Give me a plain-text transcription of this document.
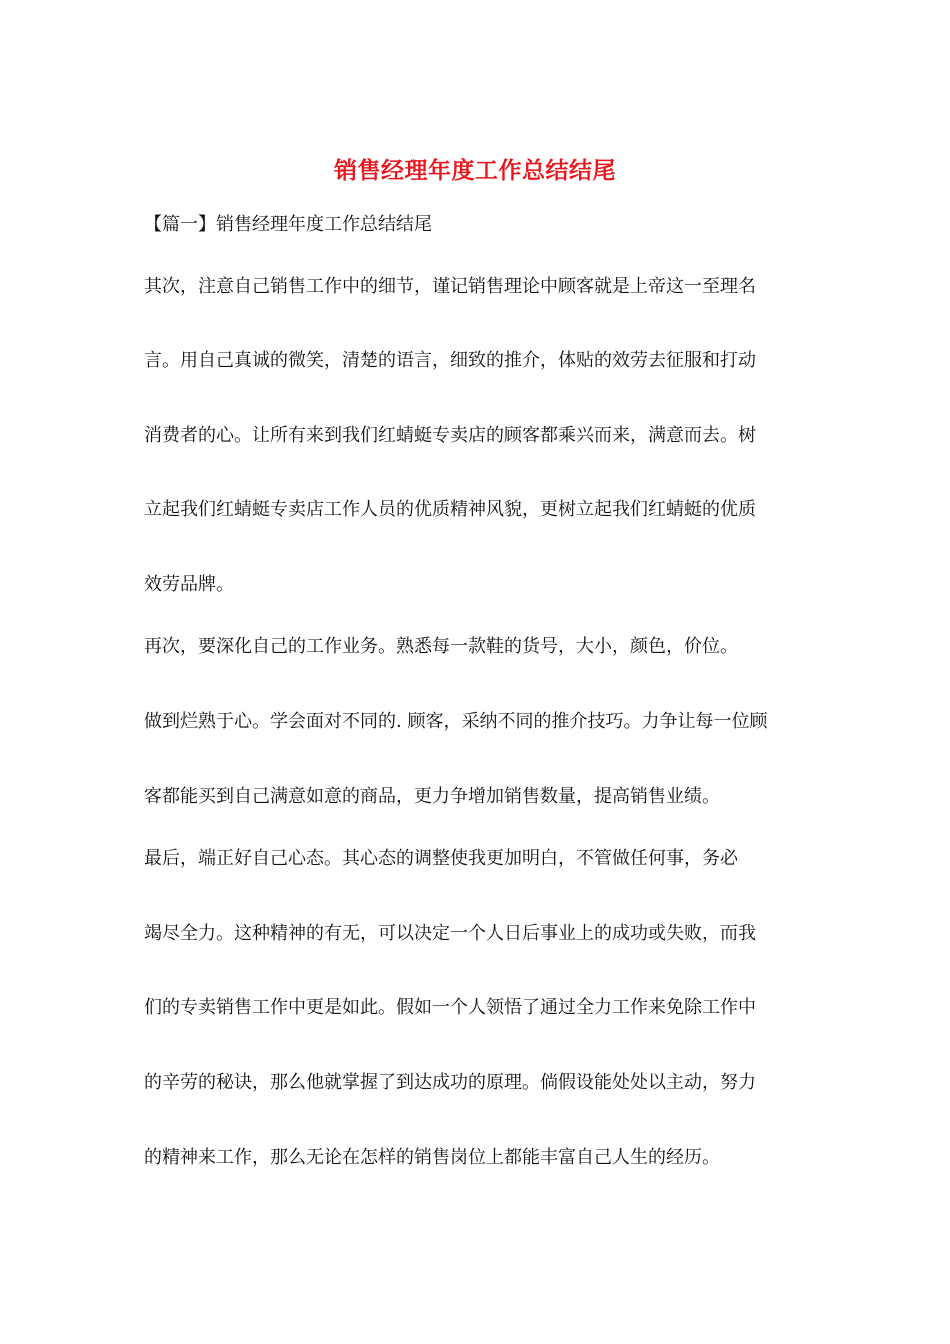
销售经理年度工作总结结尾
【篇一】销售经理年度工作总结结尾
其次，注意自己销售工作中的细节，谨记销售理论中顾客就是上帝这一至理名
言。用自己真诚的微笑，清楚的语言，细致的推介，体贴的效劳去征服和打动
消费者的心。让所有来到我们红蜻蜓专卖店的顾客都乘兴而来，满意而去。树
立起我们红蜻蜓专卖店工作人员的优质精神风貌，更树立起我们红蜻蜓的优质
效劳品牌。
再次，要深化自己的工作业务。熟悉每一款鞋的货号，大小，颜色，价位。
做到烂熟于心。学会面对不同的. 顾客，采纳不同的推介技巧。力争让每一位顾
客都能买到自己满意如意的商品，更力争增加销售数量，提高销售业绩。
最后，端正好自己心态。其心态的调整使我更加明白，不管做任何事，务必
竭尽全力。这种精神的有无，可以决定一个人日后事业上的成功或失败，而我
们的专卖销售工作中更是如此。假如一个人领悟了通过全力工作来免除工作中
的辛劳的秘诀，那么他就掌握了到达成功的原理。倘假设能处处以主动，努力
的精神来工作，那么无论在怎样的销售岗位上都能丰富自己人生的经历。
